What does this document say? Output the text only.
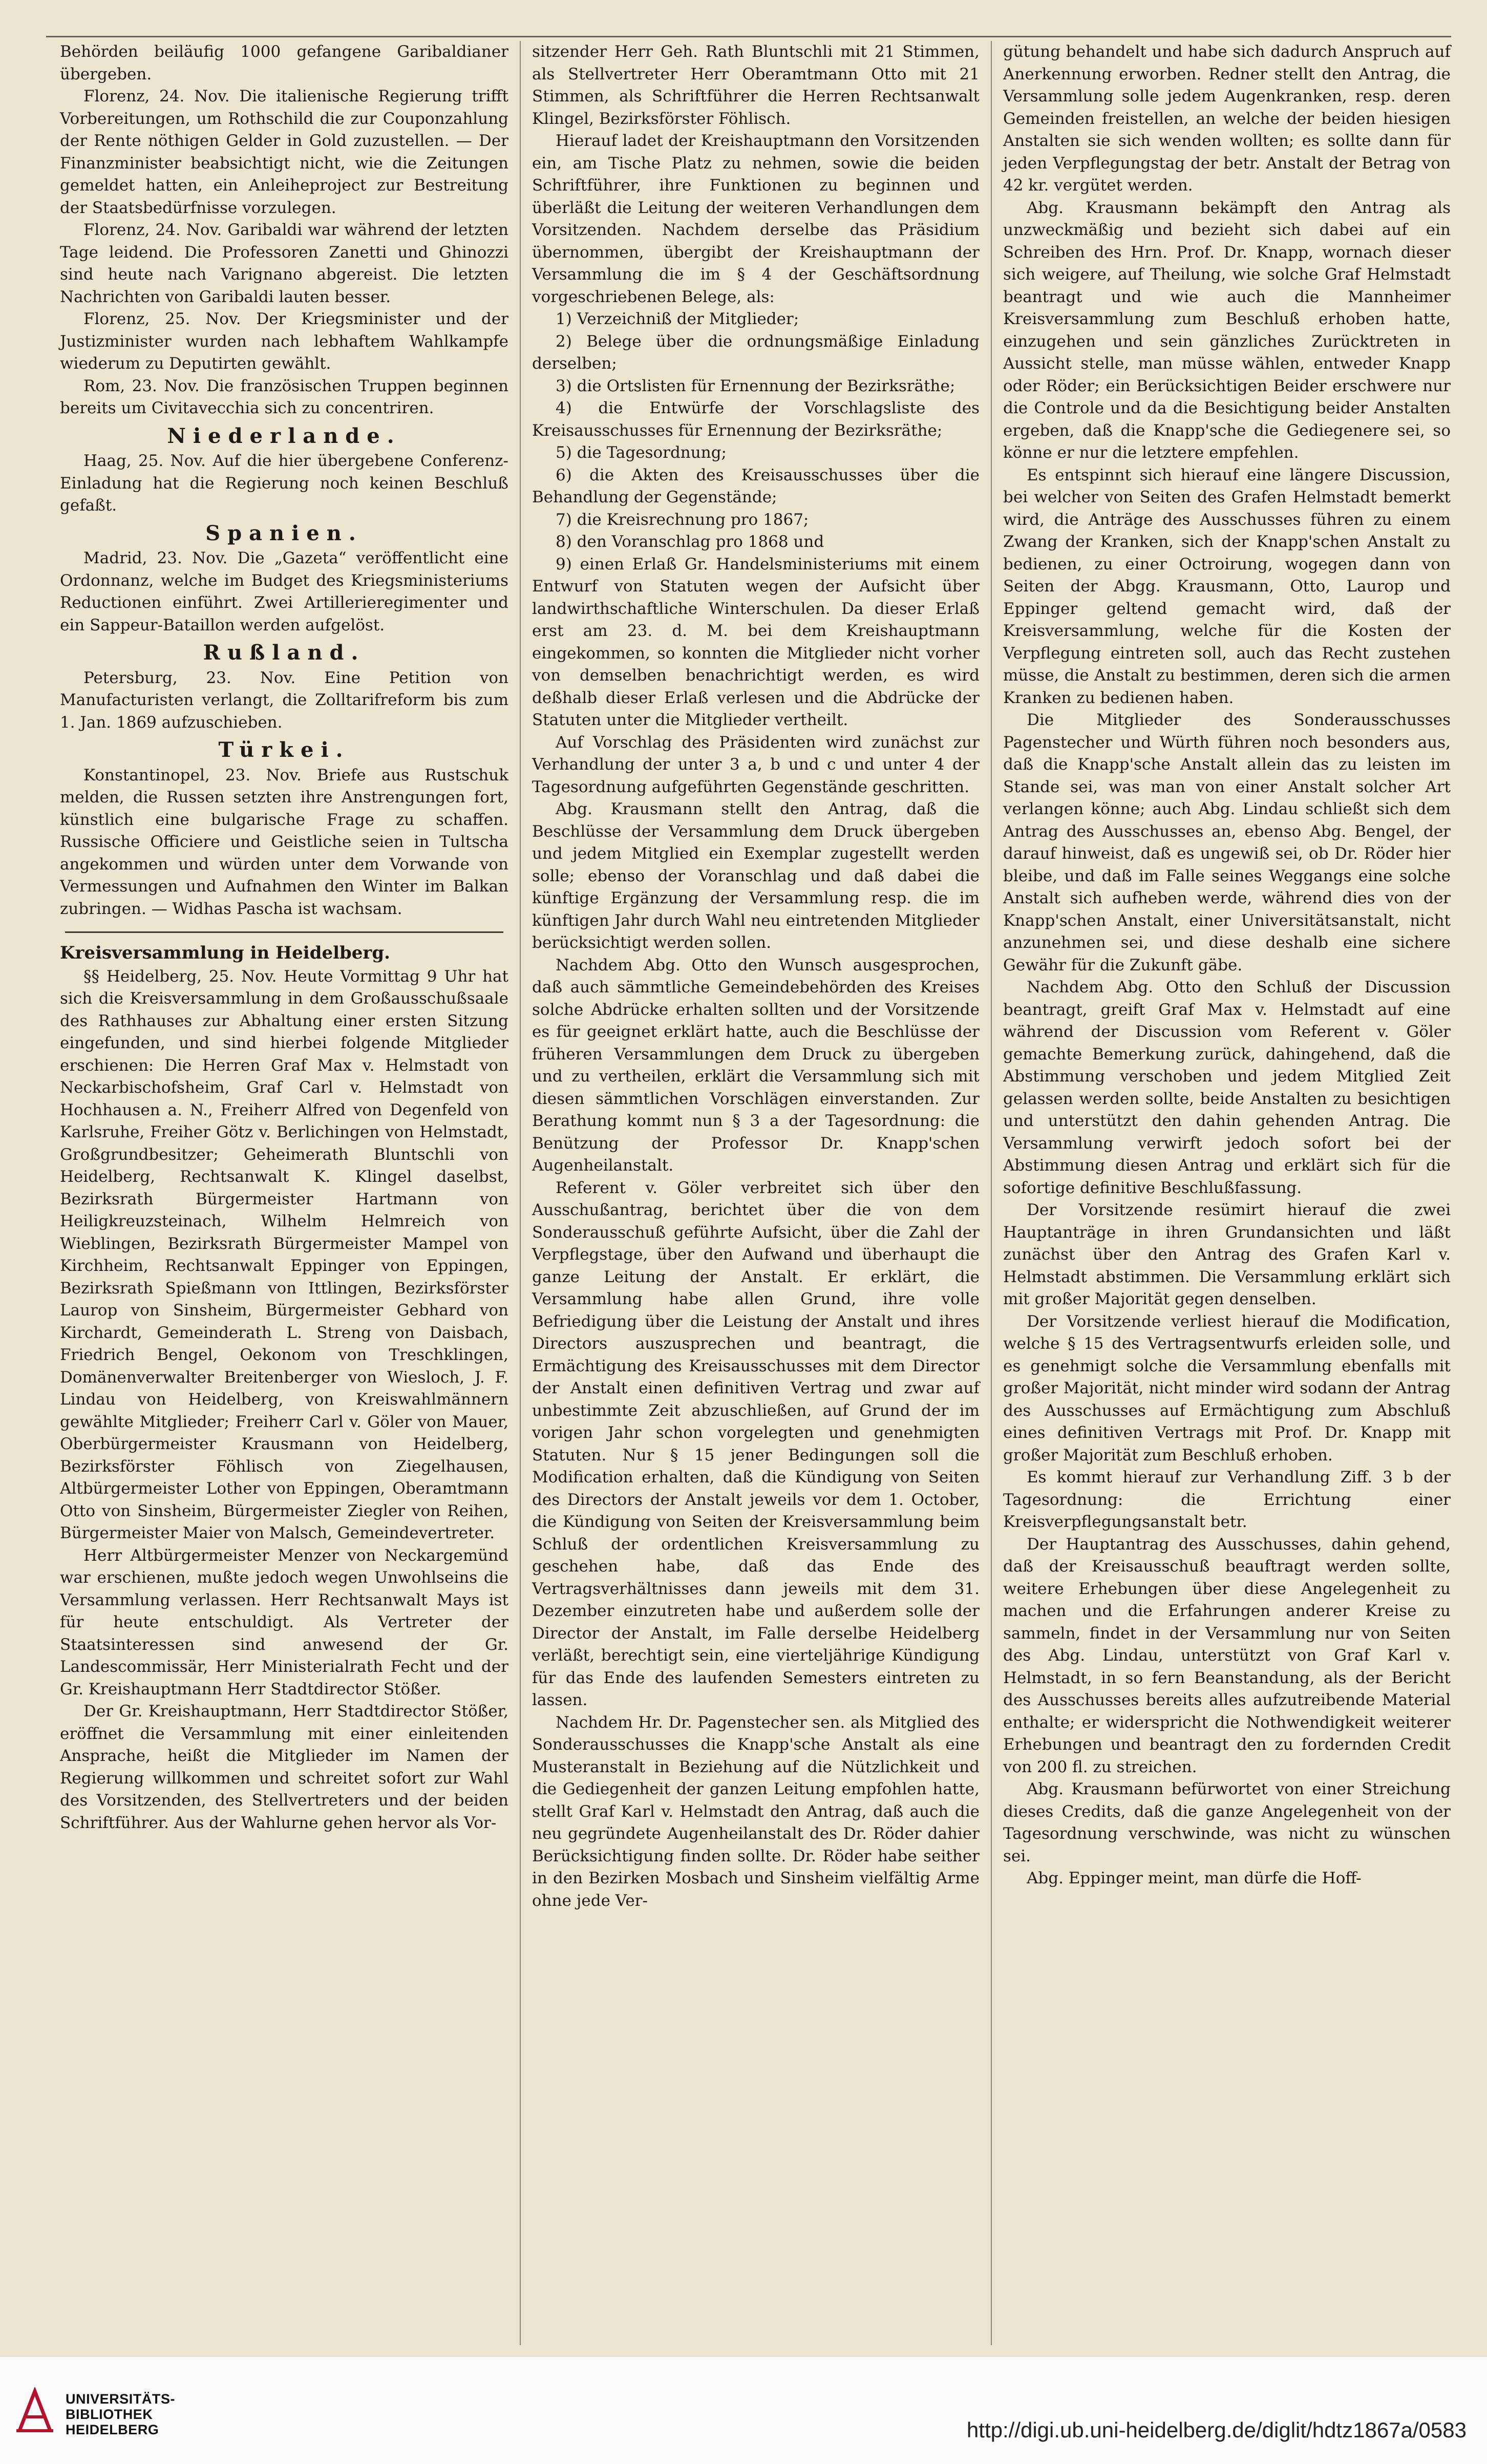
Behörden beiläufig 1000 gefangene Garibaldianer übergeben.

Florenz, 24. Nov. Die italienische Regierung trifft Vorbereitungen, um Rothschild die zur Couponzahlung der Rente nöthigen Gelder in Gold zuzustellen. — Der Finanzminister beabsichtigt nicht, wie die Zeitungen gemeldet hatten, ein Anleiheproject zur Bestreitung der Staatsbedürfnisse vorzulegen.

Florenz, 24. Nov. Garibaldi war während der letzten Tage leidend. Die Professoren Zanetti und Ghinozzi sind heute nach Varignano abgereist. Die letzten Nachrichten von Garibaldi lauten besser.

Florenz, 25. Nov. Der Kriegsminister und der Justizminister wurden nach lebhaftem Wahlkampfe wiederum zu Deputirten gewählt.

Rom, 23. Nov. Die französischen Truppen beginnen bereits um Civitavecchia sich zu concentriren.

Niederlande.

Haag, 25. Nov. Auf die hier übergebene Conferenz-Einladung hat die Regierung noch keinen Beschluß gefaßt.

Spanien.

Madrid, 23. Nov. Die „Gazeta“ veröffentlicht eine Ordonnanz, welche im Budget des Kriegsministeriums Reductionen einführt. Zwei Artillerieregimenter und ein Sappeur-Bataillon werden aufgelöst.

Rußland.

Petersburg, 23. Nov. Eine Petition von Manufacturisten verlangt, die Zolltarifreform bis zum 1. Jan. 1869 aufzuschieben.

Türkei.

Konstantinopel, 23. Nov. Briefe aus Rustschuk melden, die Russen setzten ihre Anstrengungen fort, künstlich eine bulgarische Frage zu schaffen. Russische Officiere und Geistliche seien in Tultscha angekommen und würden unter dem Vorwande von Vermessungen und Aufnahmen den Winter im Balkan zubringen. — Widhas Pascha ist wachsam.

Kreisversammlung in Heidelberg.

§§ Heidelberg, 25. Nov. Heute Vormittag 9 Uhr hat sich die Kreisversammlung in dem Großausschußsaale des Rathhauses zur Abhaltung einer ersten Sitzung eingefunden, und sind hierbei folgende Mitglieder erschienen: Die Herren Graf Max v. Helmstadt von Neckarbischofsheim, Graf Carl v. Helmstadt von Hochhausen a. N., Freiherr Alfred von Degenfeld von Karlsruhe, Freiher Götz v. Berlichingen von Helmstadt, Großgrundbesitzer; Geheimerath Bluntschli von Heidelberg, Rechtsanwalt K. Klingel daselbst, Bezirksrath Bürgermeister Hartmann von Heiligkreuzsteinach, Wilhelm Helmreich von Wieblingen, Bezirksrath Bürgermeister Mampel von Kirchheim, Rechtsanwalt Eppinger von Eppingen, Bezirksrath Spießmann von Ittlingen, Bezirksförster Laurop von Sinsheim, Bürgermeister Gebhard von Kirchardt, Gemeinderath L. Streng von Daisbach, Friedrich Bengel, Oekonom von Treschklingen, Domänenverwalter Breitenberger von Wiesloch, J. F. Lindau von Heidelberg, von Kreiswahlmännern gewählte Mitglieder; Freiherr Carl v. Göler von Mauer, Oberbürgermeister Krausmann von Heidelberg, Bezirksförster Föhlisch von Ziegelhausen, Altbürgermeister Lother von Eppingen, Oberamtmann Otto von Sinsheim, Bürgermeister Ziegler von Reihen, Bürgermeister Maier von Malsch, Gemeindevertreter.

Herr Altbürgermeister Menzer von Neckargemünd war erschienen, mußte jedoch wegen Unwohlseins die Versammlung verlassen. Herr Rechtsanwalt Mays ist für heute entschuldigt. Als Vertreter der Staatsinteressen sind anwesend der Gr. Landescommissär, Herr Ministerialrath Fecht und der Gr. Kreishauptmann Herr Stadtdirector Stößer.

Der Gr. Kreishauptmann, Herr Stadtdirector Stößer, eröffnet die Versammlung mit einer einleitenden Ansprache, heißt die Mitglieder im Namen der Regierung willkommen und schreitet sofort zur Wahl des Vorsitzenden, des Stellvertreters und der beiden Schriftführer. Aus der Wahlurne gehen hervor als Vor-

sitzender Herr Geh. Rath Bluntschli mit 21 Stimmen, als Stellvertreter Herr Oberamtmann Otto mit 21 Stimmen, als Schriftführer die Herren Rechtsanwalt Klingel, Bezirksförster Föhlisch.

Hierauf ladet der Kreishauptmann den Vorsitzenden ein, am Tische Platz zu nehmen, sowie die beiden Schriftführer, ihre Funktionen zu beginnen und überläßt die Leitung der weiteren Verhandlungen dem Vorsitzenden. Nachdem derselbe das Präsidium übernommen, übergibt der Kreishauptmann der Versammlung die im § 4 der Geschäftsordnung vorgeschriebenen Belege, als:

1) Verzeichniß der Mitglieder;

2) Belege über die ordnungsmäßige Einladung derselben;

3) die Ortslisten für Ernennung der Bezirksräthe;

4) die Entwürfe der Vorschlagsliste des Kreisausschusses für Ernennung der Bezirksräthe;

5) die Tagesordnung;

6) die Akten des Kreisausschusses über die Behandlung der Gegenstände;

7) die Kreisrechnung pro 1867;

8) den Voranschlag pro 1868 und

9) einen Erlaß Gr. Handelsministeriums mit einem Entwurf von Statuten wegen der Aufsicht über landwirthschaftliche Winterschulen. Da dieser Erlaß erst am 23. d. M. bei dem Kreishauptmann eingekommen, so konnten die Mitglieder nicht vorher von demselben benachrichtigt werden, es wird deßhalb dieser Erlaß verlesen und die Abdrücke der Statuten unter die Mitglieder vertheilt.

Auf Vorschlag des Präsidenten wird zunächst zur Verhandlung der unter 3 a, b und c und unter 4 der Tagesordnung aufgeführten Gegenstände geschritten.

Abg. Krausmann stellt den Antrag, daß die Beschlüsse der Versammlung dem Druck übergeben und jedem Mitglied ein Exemplar zugestellt werden solle; ebenso der Voranschlag und daß dabei die künftige Ergänzung der Versammlung resp. die im künftigen Jahr durch Wahl neu eintretenden Mitglieder berücksichtigt werden sollen.

Nachdem Abg. Otto den Wunsch ausgesprochen, daß auch sämmtliche Gemeindebehörden des Kreises solche Abdrücke erhalten sollten und der Vorsitzende es für geeignet erklärt hatte, auch die Beschlüsse der früheren Versammlungen dem Druck zu übergeben und zu vertheilen, erklärt die Versammlung sich mit diesen sämmtlichen Vorschlägen einverstanden. Zur Berathung kommt nun § 3 a der Tagesordnung: die Benützung der Professor Dr. Knapp'schen Augenheilanstalt.

Referent v. Göler verbreitet sich über den Ausschußantrag, berichtet über die von dem Sonderausschuß geführte Aufsicht, über die Zahl der Verpflegstage, über den Aufwand und überhaupt die ganze Leitung der Anstalt. Er erklärt, die Versammlung habe allen Grund, ihre volle Befriedigung über die Leistung der Anstalt und ihres Directors auszusprechen und beantragt, die Ermächtigung des Kreisausschusses mit dem Director der Anstalt einen definitiven Vertrag und zwar auf unbestimmte Zeit abzuschließen, auf Grund der im vorigen Jahr schon vorgelegten und genehmigten Statuten. Nur § 15 jener Bedingungen soll die Modification erhalten, daß die Kündigung von Seiten des Directors der Anstalt jeweils vor dem 1. October, die Kündigung von Seiten der Kreisversammlung beim Schluß der ordentlichen Kreisversammlung zu geschehen habe, daß das Ende des Vertragsverhältnisses dann jeweils mit dem 31. Dezember einzutreten habe und außerdem solle der Director der Anstalt, im Falle derselbe Heidelberg verläßt, berechtigt sein, eine vierteljährige Kündigung für das Ende des laufenden Semesters eintreten zu lassen.

Nachdem Hr. Dr. Pagenstecher sen. als Mitglied des Sonderausschusses die Knapp'sche Anstalt als eine Musteranstalt in Beziehung auf die Nützlichkeit und die Gediegenheit der ganzen Leitung empfohlen hatte, stellt Graf Karl v. Helmstadt den Antrag, daß auch die neu gegründete Augenheilanstalt des Dr. Röder dahier Berücksichtigung finden sollte. Dr. Röder habe seither in den Bezirken Mosbach und Sinsheim vielfältig Arme ohne jede Ver-

gütung behandelt und habe sich dadurch Anspruch auf Anerkennung erworben. Redner stellt den Antrag, die Versammlung solle jedem Augenkranken, resp. deren Gemeinden freistellen, an welche der beiden hiesigen Anstalten sie sich wenden wollten; es sollte dann für jeden Verpflegungstag der betr. Anstalt der Betrag von 42 kr. vergütet werden.

Abg. Krausmann bekämpft den Antrag als unzweckmäßig und bezieht sich dabei auf ein Schreiben des Hrn. Prof. Dr. Knapp, wornach dieser sich weigere, auf Theilung, wie solche Graf Helmstadt beantragt und wie auch die Mannheimer Kreisversammlung zum Beschluß erhoben hatte, einzugehen und sein gänzliches Zurücktreten in Aussicht stelle, man müsse wählen, entweder Knapp oder Röder; ein Berücksichtigen Beider erschwere nur die Controle und da die Besichtigung beider Anstalten ergeben, daß die Knapp'sche die Gediegenere sei, so könne er nur die letztere empfehlen.

Es entspinnt sich hierauf eine längere Discussion, bei welcher von Seiten des Grafen Helmstadt bemerkt wird, die Anträge des Ausschusses führen zu einem Zwang der Kranken, sich der Knapp'schen Anstalt zu bedienen, zu einer Octroirung, wogegen dann von Seiten der Abgg. Krausmann, Otto, Laurop und Eppinger geltend gemacht wird, daß der Kreisversammlung, welche für die Kosten der Verpflegung eintreten soll, auch das Recht zustehen müsse, die Anstalt zu bestimmen, deren sich die armen Kranken zu bedienen haben.

Die Mitglieder des Sonderausschusses Pagenstecher und Würth führen noch besonders aus, daß die Knapp'sche Anstalt allein das zu leisten im Stande sei, was man von einer Anstalt solcher Art verlangen könne; auch Abg. Lindau schließt sich dem Antrag des Ausschusses an, ebenso Abg. Bengel, der darauf hinweist, daß es ungewiß sei, ob Dr. Röder hier bleibe, und daß im Falle seines Weggangs eine solche Anstalt sich aufheben werde, während dies von der Knapp'schen Anstalt, einer Universitätsanstalt, nicht anzunehmen sei, und diese deshalb eine sichere Gewähr für die Zukunft gäbe.

Nachdem Abg. Otto den Schluß der Discussion beantragt, greift Graf Max v. Helmstadt auf eine während der Discussion vom Referent v. Göler gemachte Bemerkung zurück, dahingehend, daß die Abstimmung verschoben und jedem Mitglied Zeit gelassen werden sollte, beide Anstalten zu besichtigen und unterstützt den dahin gehenden Antrag. Die Versammlung verwirft jedoch sofort bei der Abstimmung diesen Antrag und erklärt sich für die sofortige definitive Beschlußfassung.

Der Vorsitzende resümirt hierauf die zwei Hauptanträge in ihren Grundansichten und läßt zunächst über den Antrag des Grafen Karl v. Helmstadt abstimmen. Die Versammlung erklärt sich mit großer Majorität gegen denselben.

Der Vorsitzende verliest hierauf die Modification, welche § 15 des Vertragsentwurfs erleiden solle, und es genehmigt solche die Versammlung ebenfalls mit großer Majorität, nicht minder wird sodann der Antrag des Ausschusses auf Ermächtigung zum Abschluß eines definitiven Vertrags mit Prof. Dr. Knapp mit großer Majorität zum Beschluß erhoben.

Es kommt hierauf zur Verhandlung Ziff. 3 b der Tagesordnung: die Errichtung einer Kreisverpflegungsanstalt betr.

Der Hauptantrag des Ausschusses, dahin gehend, daß der Kreisausschuß beauftragt werden sollte, weitere Erhebungen über diese Angelegenheit zu machen und die Erfahrungen anderer Kreise zu sammeln, findet in der Versammlung nur von Seiten des Abg. Lindau, unterstützt von Graf Karl v. Helmstadt, in so fern Beanstandung, als der Bericht des Ausschusses bereits alles aufzutreibende Material enthalte; er widerspricht die Nothwendigkeit weiterer Erhebungen und beantragt den zu fordernden Credit von 200 fl. zu streichen.

Abg. Krausmann befürwortet von einer Streichung dieses Credits, daß die ganze Angelegenheit von der Tagesordnung verschwinde, was nicht zu wünschen sei.

Abg. Eppinger meint, man dürfe die Hoff-

UNIVERSITÄTS-
BIBLIOTHEK
HEIDELBERG	http://digi.ub.uni-heidelberg.de/diglit/hdtz1867a/0583
